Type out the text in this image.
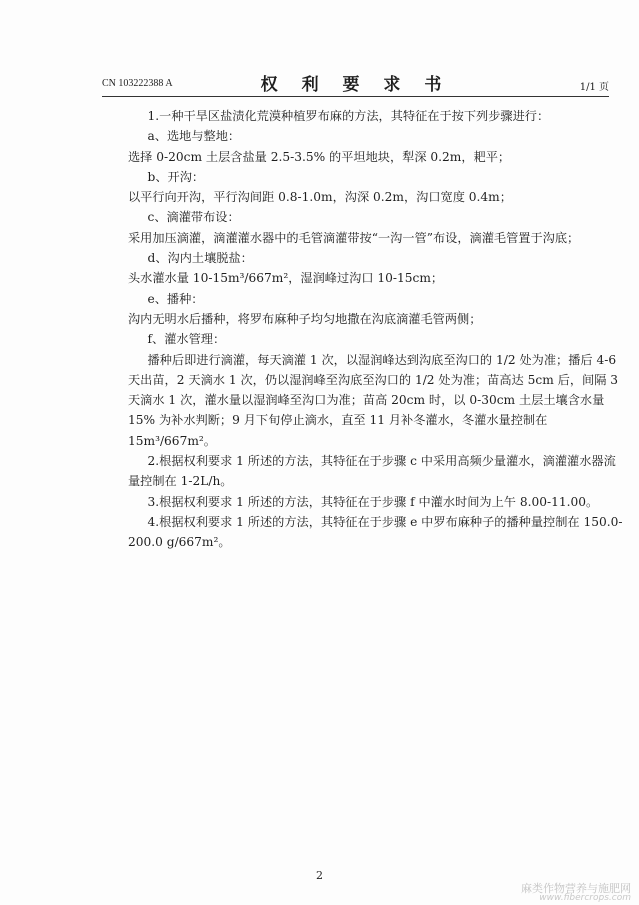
CN 103222388 A	权 利 要 求 书	1/1 页

1.一种干旱区盐渍化荒漠种植罗布麻的方法，其特征在于按下列步骤进行：

a、选地与整地：

选择 0-20cm 土层含盐量 2.5-3.5% 的平坦地块，犁深 0.2m，耙平；

b、开沟：

以平行向开沟，平行沟间距 0.8-1.0m，沟深 0.2m，沟口宽度 0.4m；

c、滴灌带布设：

采用加压滴灌，滴灌灌水器中的毛管滴灌带按“一沟一管”布设，滴灌毛管置于沟底；

d、沟内土壤脱盐：

头水灌水量 10-15m³/667m²，湿润峰过沟口 10-15cm；

e、播种：

沟内无明水后播种，将罗布麻种子均匀地撒在沟底滴灌毛管两侧；

f、灌水管理：

播种后即进行滴灌，每天滴灌 1 次，以湿润峰达到沟底至沟口的 1/2 处为准；播后 4-6 天出苗，2 天滴水 1 次，仍以湿润峰至沟底至沟口的 1/2 处为准；苗高达 5cm 后，间隔 3 天滴水 1 次，灌水量以湿润峰至沟口为准；苗高 20cm 时，以 0-30cm 土层土壤含水量 15% 为补水判断；9 月下旬停止滴水，直至 11 月补冬灌水，冬灌水量控制在 15m³/667m²。

2.根据权利要求 1 所述的方法，其特征在于步骤 c 中采用高频少量灌水，滴灌灌水器流量控制在 1-2L/h。

3.根据权利要求 1 所述的方法，其特征在于步骤 f 中灌水时间为上午 8.00-11.00。

4.根据权利要求 1 所述的方法，其特征在于步骤 e 中罗布麻种子的播种量控制在 150.0-200.0 g/667m²。

2
麻类作物营养与施肥网
www.fibercrops.com
